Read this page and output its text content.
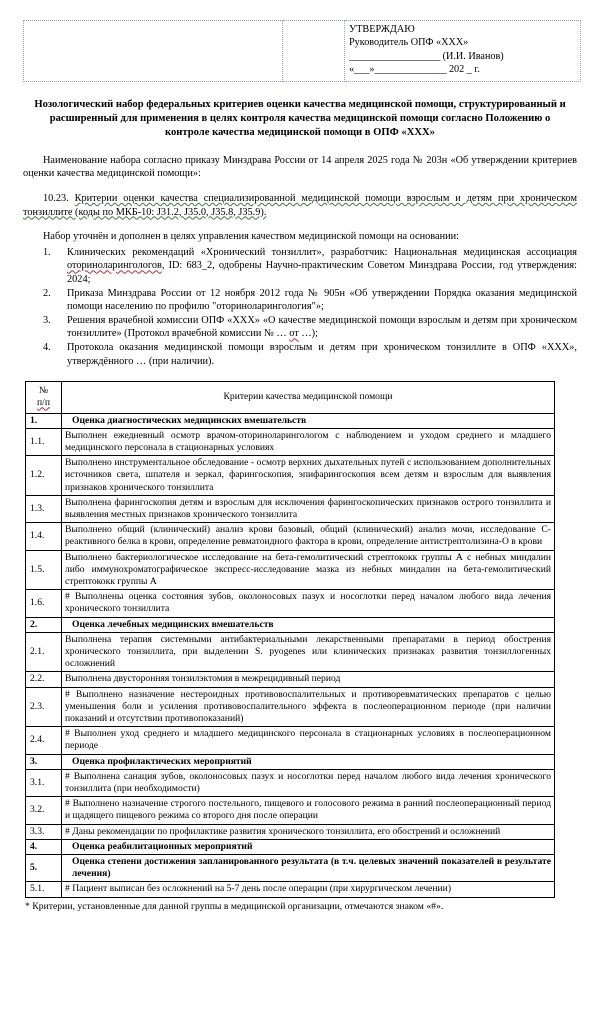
УТВЕРЖДАЮ
Руководитель ОПФ «ХХХ»
___________________ (И.И. Иванов)
«___»_______________ 202 _ г.
Нозологический набор федеральных критериев оценки качества медицинской помощи, структурированный и расширенный для применения в целях контроля качества медицинской помощи согласно Положению о контроле качества медицинской помощи в ОПФ «ХХХ»

Наименование набора согласно приказу Минздрава России от 14 апреля 2025 года № 203н «Об утверждении критериев оценки качества медицинской помощи»:

10.23. Критерии оценки качества специализированной медицинской помощи взрослым и детям при хроническом тонзиллите (коды по МКБ-10: J31.2, J35.0, J35.8, J35.9).

Набор уточнён и дополнен в целях управления качеством медицинской помощи на основании:

1. Клинических рекомендаций «Хронический тонзиллит», разработчик: Национальная медицинская ассоциация оториноларингологов, ID: 683_2, одобрены Научно-практическим Советом Минздрава России, год утверждения: 2024;
2. Приказа Минздрава России от 12 ноября 2012 года № 905н «Об утверждении Порядка оказания медицинской помощи населению по профилю "оториноларингология"»;
3. Решения врачебной комиссии ОПФ «ХХХ» «О качестве медицинской помощи взрослым и детям при хроническом тонзиллите» (Протокол врачебной комиссии № … от …);
4. Протокола оказания медицинской помощи взрослым и детям при хроническом тонзиллите в ОПФ «ХХХ», утверждённого … (при наличии).
№
п/п	Критерии качества медицинской помощи
1.	Оценка диагностических медицинских вмешательств
1.1.	Выполнен ежедневный осмотр врачом-оториноларингологом с наблюдением и уходом среднего и младшего медицинского персонала в стационарных условиях
1.2.	Выполнено инструментальное обследование - осмотр верхних дыхательных путей с использованием дополнительных источников света, шпателя и зеркал, фарингоскопия, эпифарингоскопия всем детям и взрослым для выявления признаков хронического тонзиллита
1.3.	Выполнена фарингоскопия детям и взрослым для исключения фарингоскопических признаков острого тонзиллита и выявления местных признаков хронического тонзиллита
1.4.	Выполнено общий (клинический) анализ крови базовый, общий (клинический) анализ мочи, исследование С-реактивного белка в крови, определение ревматоидного фактора в крови, определение антистрептолизина-О в крови
1.5.	Выполнено бактериологическое исследование на бета-гемолитический стрептококк группы А с небных миндалин либо иммунохроматографическое экспресс-исследование мазка из небных миндалин на бета-гемолитический стрептококк группы А
1.6.	# Выполнены оценка состояния зубов, околоносовых пазух и носоглотки перед началом любого вида лечения хронического тонзиллита
2.	Оценка лечебных медицинских вмешательств
2.1.	Выполнена терапия системными антибактериальными лекарственными препаратами в период обострения хронического тонзиллита, при выделении S. pyogenes или клинических признаках развития тонзиллогенных осложнений
2.2.	Выполнена двусторонняя тонзилэктомия в межрецидивный период
2.3.	# Выполнено назначение нестероидных противовоспалительных и противоревматических препаратов с целью уменьшения боли и усиления противовоспалительного эффекта в послеоперационном периоде (при наличии показаний и отсутствии противопоказаний)
2.4.	# Выполнен уход среднего и младшего медицинского персонала в стационарных условиях в послеоперационном периоде
3.	Оценка профилактических мероприятий
3.1.	# Выполнена санация зубов, околоносовых пазух и носоглотки перед началом любого вида лечения хронического тонзиллита (при необходимости)
3.2.	# Выполнено назначение строгого постельного, пищевого и голосового режима в ранний послеоперационный период и щадящего пищевого режима со второго дня после операции
3.3.	# Даны рекомендации по профилактике развития хронического тонзиллита, его обострений и осложнений
4.	Оценка реабилитационных мероприятий
5.	Оценка степени достижения запланированного результата (в т.ч. целевых значений показателей в результате лечения)
5.1.	# Пациент выписан без осложнений на 5-7 день после операции (при хирургическом лечении)
* Критерии, установленные для данной группы в медицинской организации, отмечаются знаком «#».
